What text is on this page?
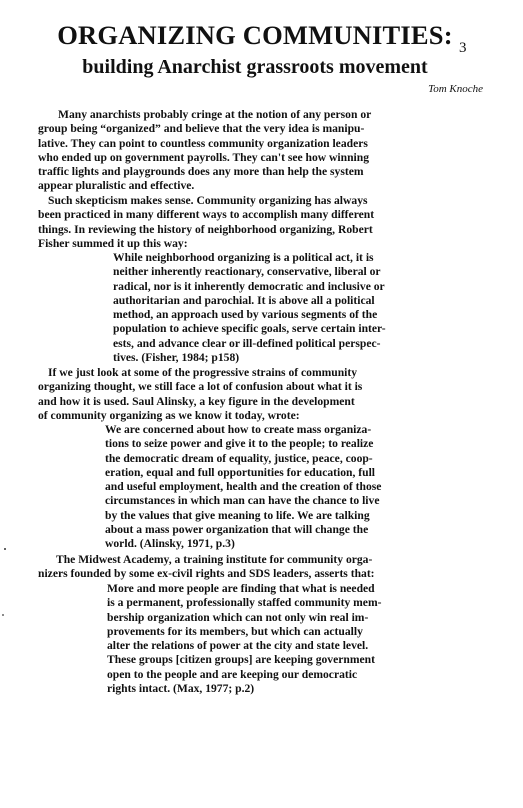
ORGANIZING COMMUNITIES: 3
building Anarchist grassroots movement
Tom Knoche
Many anarchists probably cringe at the notion of any person or
group being “organized” and believe that the very idea is manipu-
lative. They can point to countless community organization leaders
who ended up on government payrolls. They can't see how winning
traffic lights and playgrounds does any more than help the system
appear pluralistic and effective.
Such skepticism makes sense. Community organizing has always
been practiced in many different ways to accomplish many different
things. In reviewing the history of neighborhood organizing, Robert
Fisher summed it up this way:
While neighborhood organizing is a political act, it is
neither inherently reactionary, conservative, liberal or
radical, nor is it inherently democratic and inclusive or
authoritarian and parochial. It is above all a political
method, an approach used by various segments of the
population to achieve specific goals, serve certain inter-
ests, and advance clear or ill-defined political perspec-
tives. (Fisher, 1984; p158)
If we just look at some of the progressive strains of community
organizing thought, we still face a lot of confusion about what it is
and how it is used. Saul Alinsky, a key figure in the development
of community organizing as we know it today, wrote:
We are concerned about how to create mass organiza-
tions to seize power and give it to the people; to realize
the democratic dream of equality, justice, peace, coop-
eration, equal and full opportunities for education, full
and useful employment, health and the creation of those
circumstances in which man can have the chance to live
by the values that give meaning to life. We are talking
about a mass power organization that will change the
world. (Alinsky, 1971, p.3)
The Midwest Academy, a training institute for community orga-
nizers founded by some ex-civil rights and SDS leaders, asserts that:
More and more people are finding that what is needed
is a permanent, professionally staffed community mem-
bership organization which can not only win real im-
provements for its members, but which can actually
alter the relations of power at the city and state level.
These groups [citizen groups] are keeping government
open to the people and are keeping our democratic
rights intact. (Max, 1977; p.2)
